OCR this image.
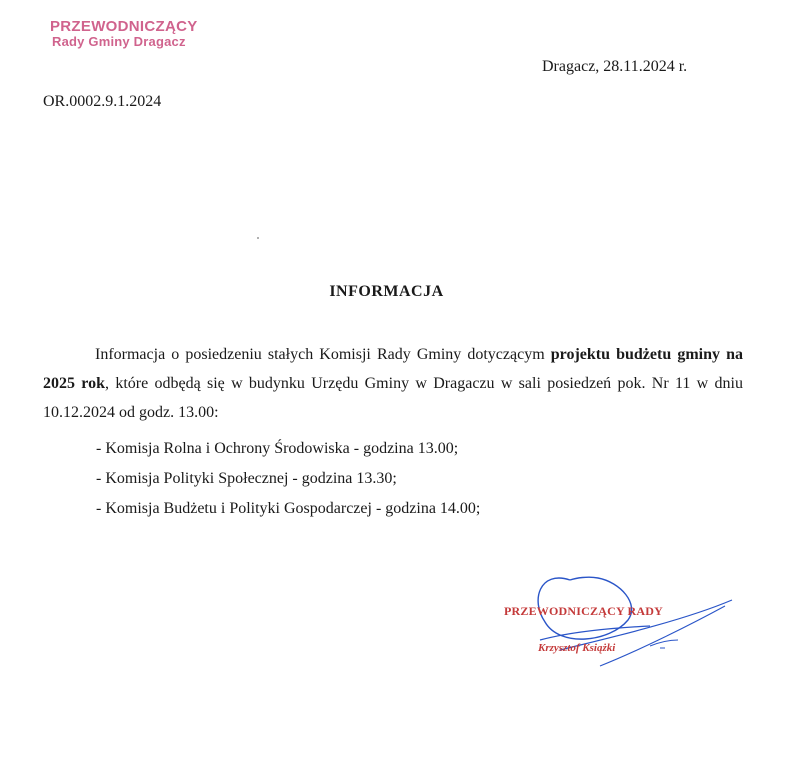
PRZEWODNICZĄCY
Rady Gminy Dragacz
Dragacz, 28.11.2024 r.
OR.0002.9.1.2024
INFORMACJA
Informacja o posiedzeniu stałych Komisji Rady Gminy dotyczącym projektu budżetu gminy na 2025 rok, które odbędą się w budynku Urzędu Gminy w Dragaczu w sali posiedzeń pok. Nr 11 w dniu 10.12.2024 od godz. 13.00:
- Komisja Rolna i Ochrony Środowiska - godzina 13.00;
- Komisja Polityki Społecznej - godzina 13.30;
- Komisja Budżetu i Polityki Gospodarczej - godzina 14.00;
PRZEWODNICZĄCY RADY
Krzysztof Książki
